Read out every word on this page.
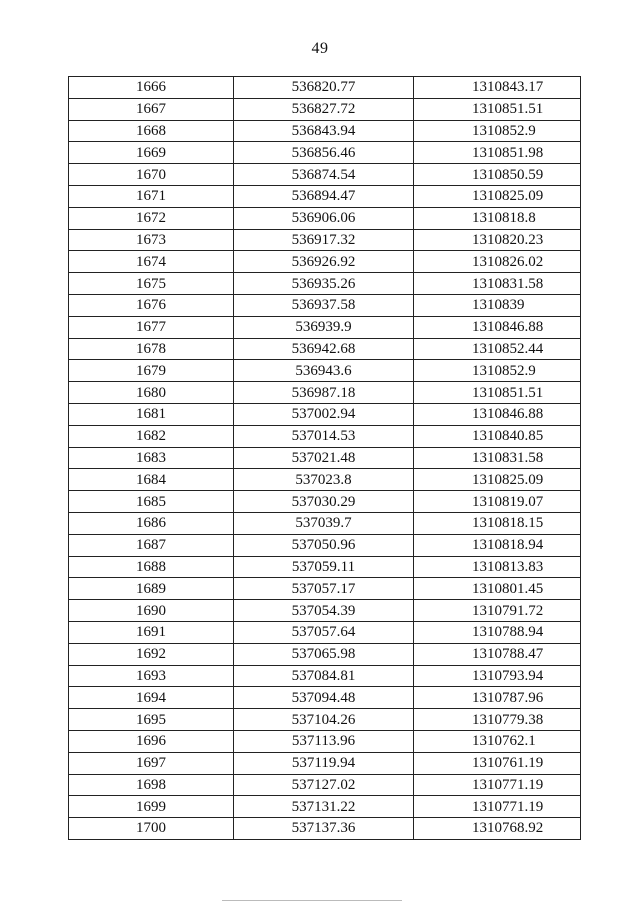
49
1666	536820.77	1310843.17
1667	536827.72	1310851.51
1668	536843.94	1310852.9
1669	536856.46	1310851.98
1670	536874.54	1310850.59
1671	536894.47	1310825.09
1672	536906.06	1310818.8
1673	536917.32	1310820.23
1674	536926.92	1310826.02
1675	536935.26	1310831.58
1676	536937.58	1310839
1677	536939.9	1310846.88
1678	536942.68	1310852.44
1679	536943.6	1310852.9
1680	536987.18	1310851.51
1681	537002.94	1310846.88
1682	537014.53	1310840.85
1683	537021.48	1310831.58
1684	537023.8	1310825.09
1685	537030.29	1310819.07
1686	537039.7	1310818.15
1687	537050.96	1310818.94
1688	537059.11	1310813.83
1689	537057.17	1310801.45
1690	537054.39	1310791.72
1691	537057.64	1310788.94
1692	537065.98	1310788.47
1693	537084.81	1310793.94
1694	537094.48	1310787.96
1695	537104.26	1310779.38
1696	537113.96	1310762.1
1697	537119.94	1310761.19
1698	537127.02	1310771.19
1699	537131.22	1310771.19
1700	537137.36	1310768.92
